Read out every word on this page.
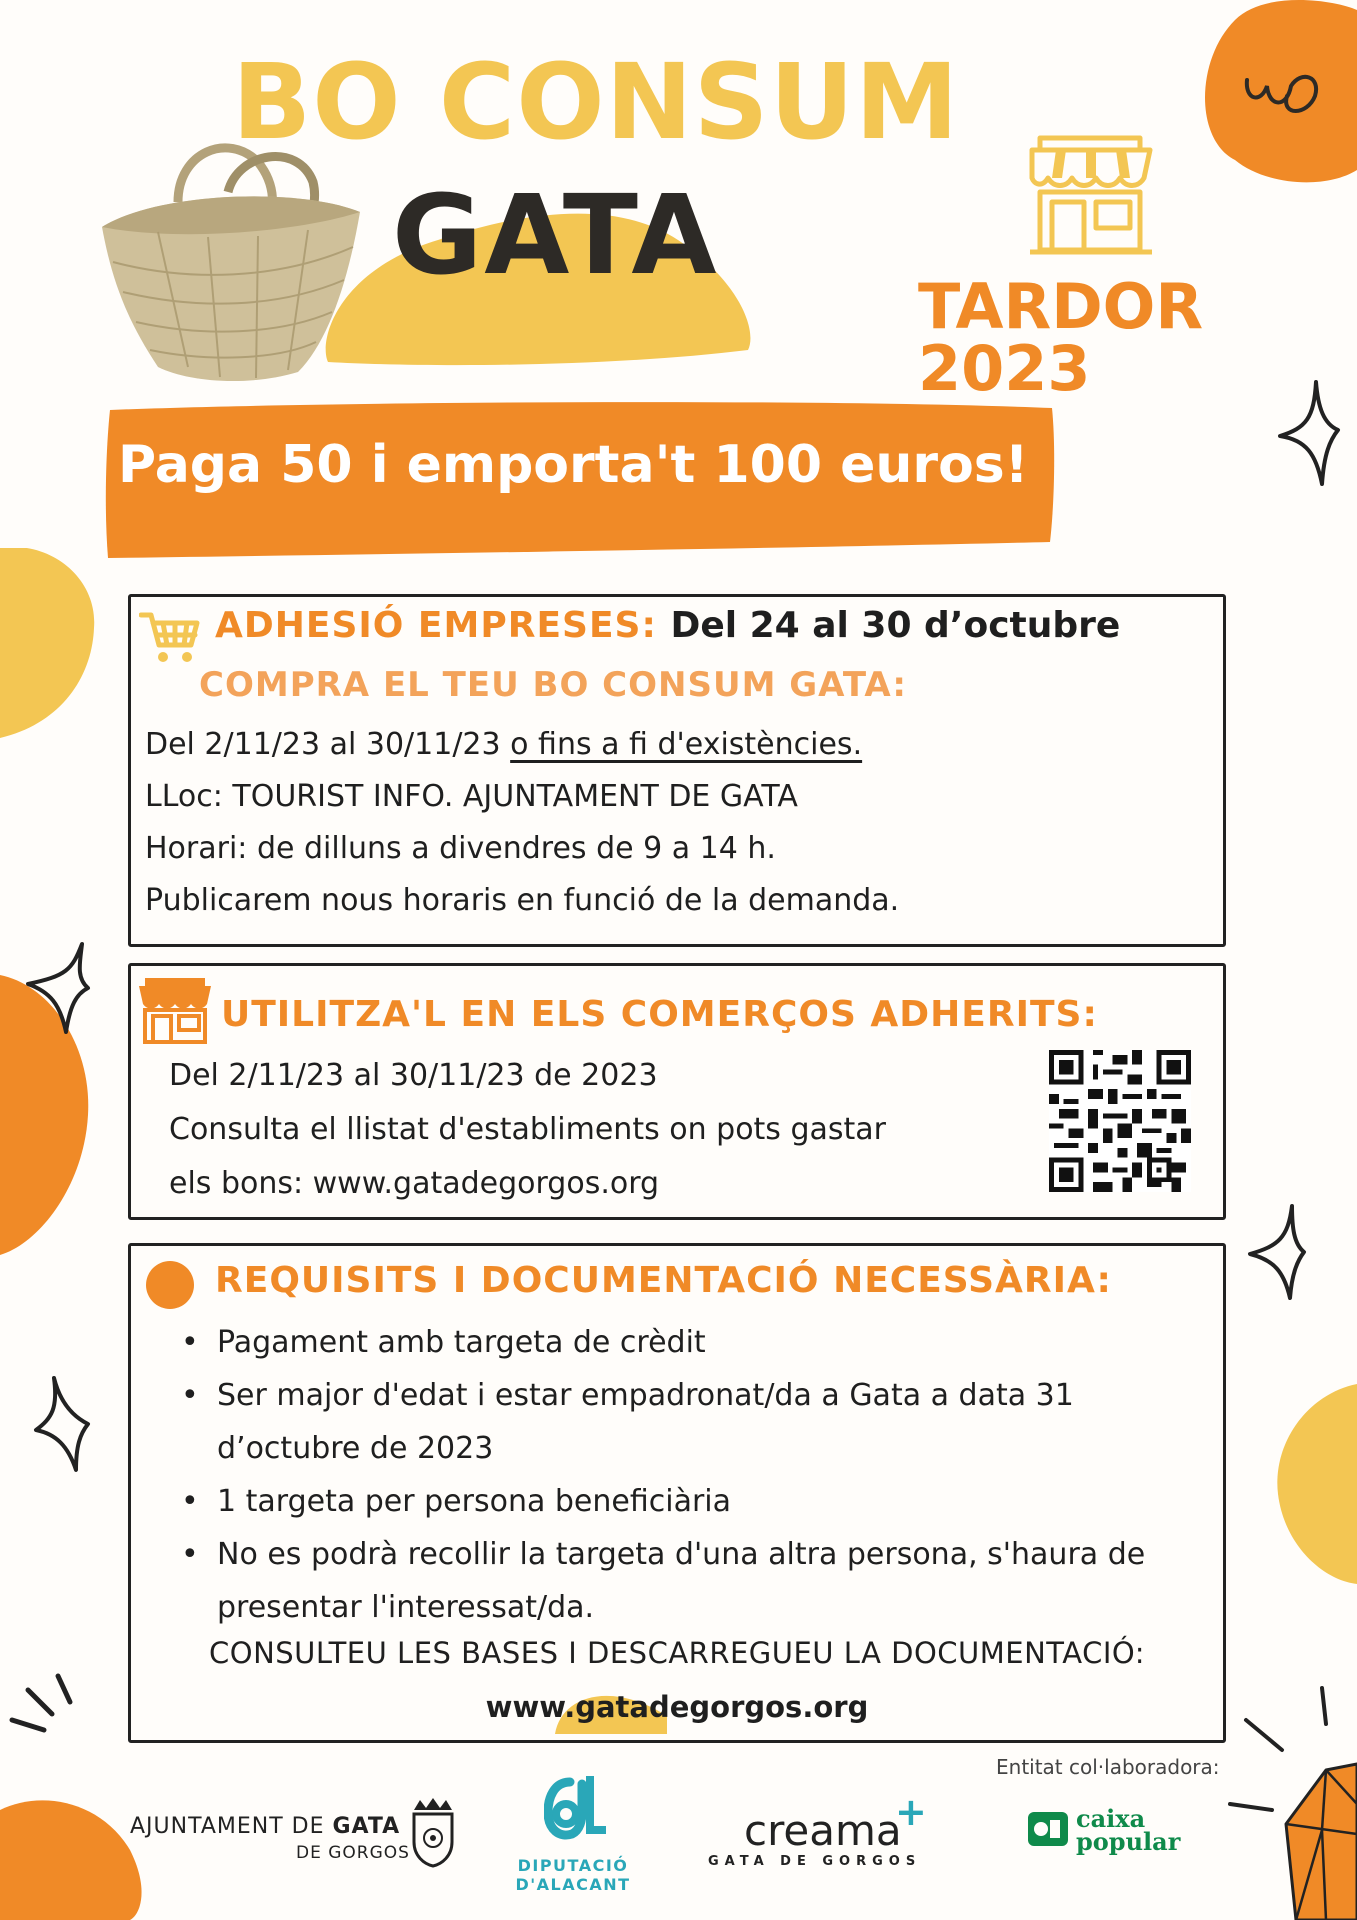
BO CONSUM
GATA
TARDOR 2023
Paga 50 i emporta't 100 euros!
ADHESIÓ EMPRESES: Del 24 al 30 d’octubre
COMPRA EL TEU BO CONSUM GATA:
Del 2/11/23 al 30/11/23 o fins a fi d'existències.
LLoc: TOURIST INFO. AJUNTAMENT DE GATA
Horari: de dilluns a divendres de 9 a 14 h.
Publicarem nous horaris en funció de la demanda.
UTILITZA'L EN ELS COMERÇOS ADHERITS:
Del 2/11/23 al 30/11/23 de 2023
Consulta el llistat d'establiments on pots gastar
els bons: www.gatadegorgos.org
REQUISITS I DOCUMENTACIÓ NECESSÀRIA:
• Pagament amb targeta de crèdit
• Ser major d'edat i estar empadronat/da a Gata a data 31 d’octubre de 2023
• 1 targeta per persona beneficiària
• No es podrà recollir la targeta d'una altra persona, s'haura de presentar l'interessat/da.
CONSULTEU LES BASES I DESCARREGUEU LA DOCUMENTACIÓ:
www.gatadegorgos.org
Entitat col·laboradora:
AJUNTAMENT DE GATA
DE GORGOS
DIPUTACIÓ D'ALACANT
creama
+
GATA DE GORGOS
caixa
popular
